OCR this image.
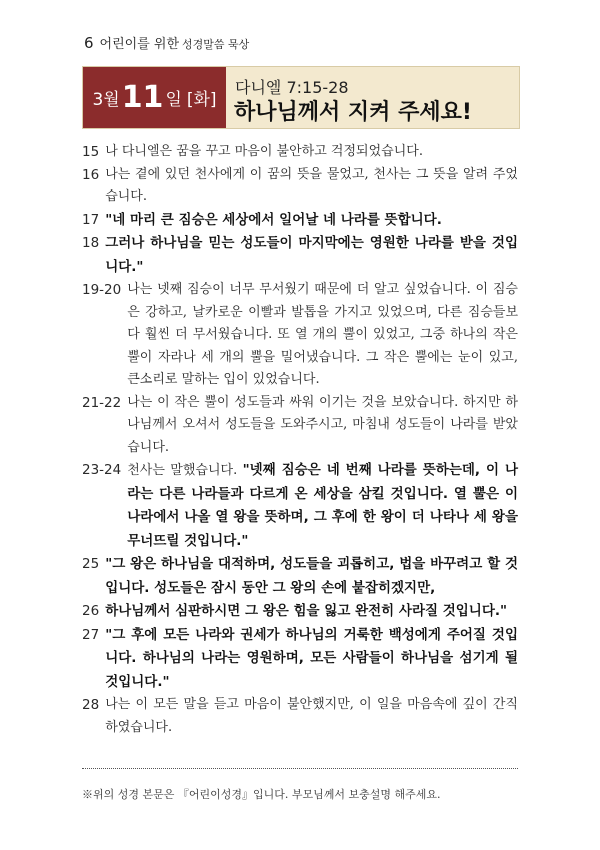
6 어린이를 위한 성경말씀 묵상
3월 11 일 [화]
다니엘 7:15-28
하나님께서 지켜 주세요!
15 나 다니엘은 꿈을 꾸고 마음이 불안하고 걱정되었습니다.
16 나는 곁에 있던 천사에게 이 꿈의 뜻을 물었고, 천사는 그 뜻을 알려 주었습니다.
17 "네 마리 큰 짐승은 세상에서 일어날 네 나라를 뜻합니다.
18 그러나 하나님을 믿는 성도들이 마지막에는 영원한 나라를 받을 것입니다."
19-20 나는 넷째 짐승이 너무 무서웠기 때문에 더 알고 싶었습니다. 이 짐승은 강하고, 날카로운 이빨과 발톱을 가지고 있었으며, 다른 짐승들보다 훨씬 더 무서웠습니다. 또 열 개의 뿔이 있었고, 그중 하나의 작은 뿔이 자라나 세 개의 뿔을 밀어냈습니다. 그 작은 뿔에는 눈이 있고, 큰소리로 말하는 입이 있었습니다.
21-22 나는 이 작은 뿔이 성도들과 싸워 이기는 것을 보았습니다. 하지만 하나님께서 오셔서 성도들을 도와주시고, 마침내 성도들이 나라를 받았습니다.
23-24 천사는 말했습니다. "넷째 짐승은 네 번째 나라를 뜻하는데, 이 나라는 다른 나라들과 다르게 온 세상을 삼킬 것입니다. 열 뿔은 이 나라에서 나올 열 왕을 뜻하며, 그 후에 한 왕이 더 나타나 세 왕을 무너뜨릴 것입니다."
25 "그 왕은 하나님을 대적하며, 성도들을 괴롭히고, 법을 바꾸려고 할 것입니다. 성도들은 잠시 동안 그 왕의 손에 붙잡히겠지만,
26 하나님께서 심판하시면 그 왕은 힘을 잃고 완전히 사라질 것입니다."
27 "그 후에 모든 나라와 권세가 하나님의 거룩한 백성에게 주어질 것입니다. 하나님의 나라는 영원하며, 모든 사람들이 하나님을 섬기게 될 것입니다."
28 나는 이 모든 말을 듣고 마음이 불안했지만, 이 일을 마음속에 깊이 간직하였습니다.
※위의 성경 본문은 『어린이성경』입니다. 부모님께서 보충설명 해주세요.
